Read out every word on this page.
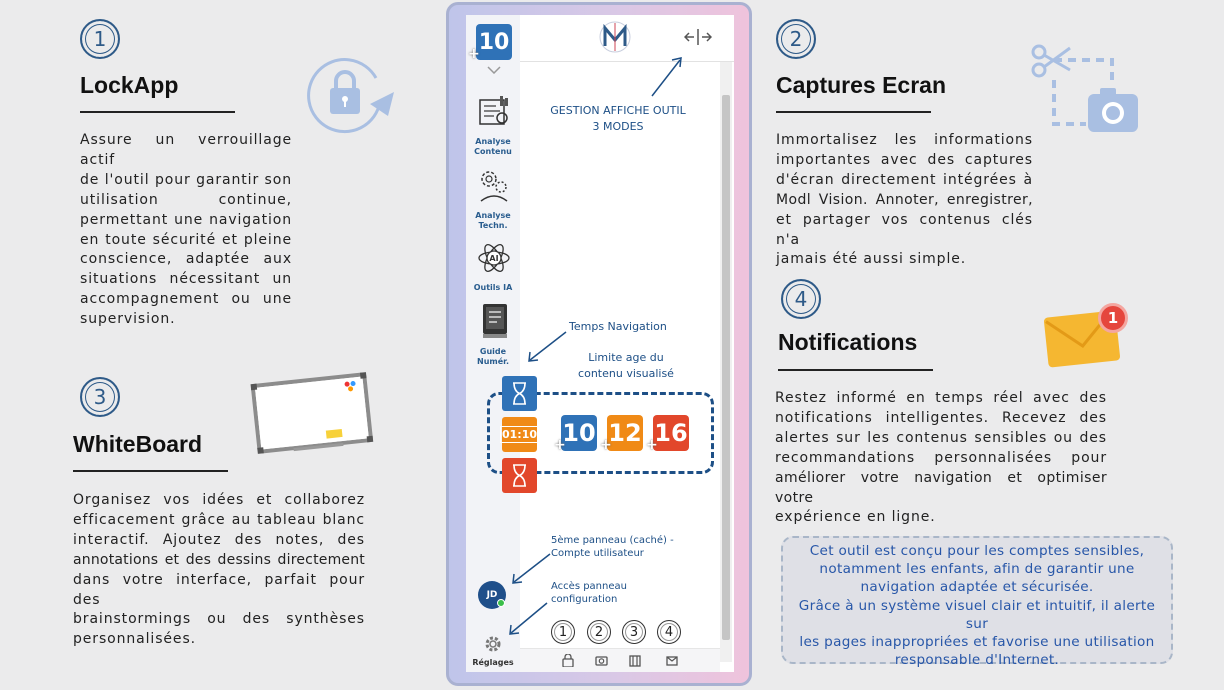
1
LockApp
Assure un verrouillage actif
de l'outil pour garantir son
utilisation continue,
permettant une navigation
en toute sécurité et pleine
conscience, adaptée aux
situations nécessitant un
accompagnement ou une
supervision.
3
WhiteBoard
Organisez vos idées et collaborez
efficacement grâce au tableau blanc
interactif. Ajoutez des notes, des
annotations et des dessins directement
dans votre interface, parfait pour des
brainstormings ou des synthèses
personnalisées.
2
Captures Ecran
Immortalisez les informations
importantes avec des captures
d'écran directement intégrées à
Modl Vision. Annoter, enregistrer,
et partager vos contenus clés n'a
jamais été aussi simple.
4
Notifications
Restez informé en temps réel avec des
notifications intelligentes. Recevez des
alertes sur les contenus sensibles ou des
recommandations personnalisées pour
améliorer votre navigation et optimiser votre
expérience en ligne.
1
10
+
GESTION AFFICHE OUTIL
3 MODES
Analyse
Contenu
Analyse
Techn.
AI
Outils IA
Guide
Numér.
Temps Navigation
Limite age du
contenu visualisé
01:10 10
+ 12
+ 16
+
5ème panneau (caché) -
Compte utilisateur
JD
Accès panneau
configuration
Réglages
1	2	3	4
Cet outil est conçu pour les comptes sensibles,
notamment les enfants, afin de garantir une
navigation adaptée et sécurisée.
Grâce à un système visuel clair et intuitif, il alerte sur
les pages inappropriées et favorise une utilisation
responsable d'Internet.
